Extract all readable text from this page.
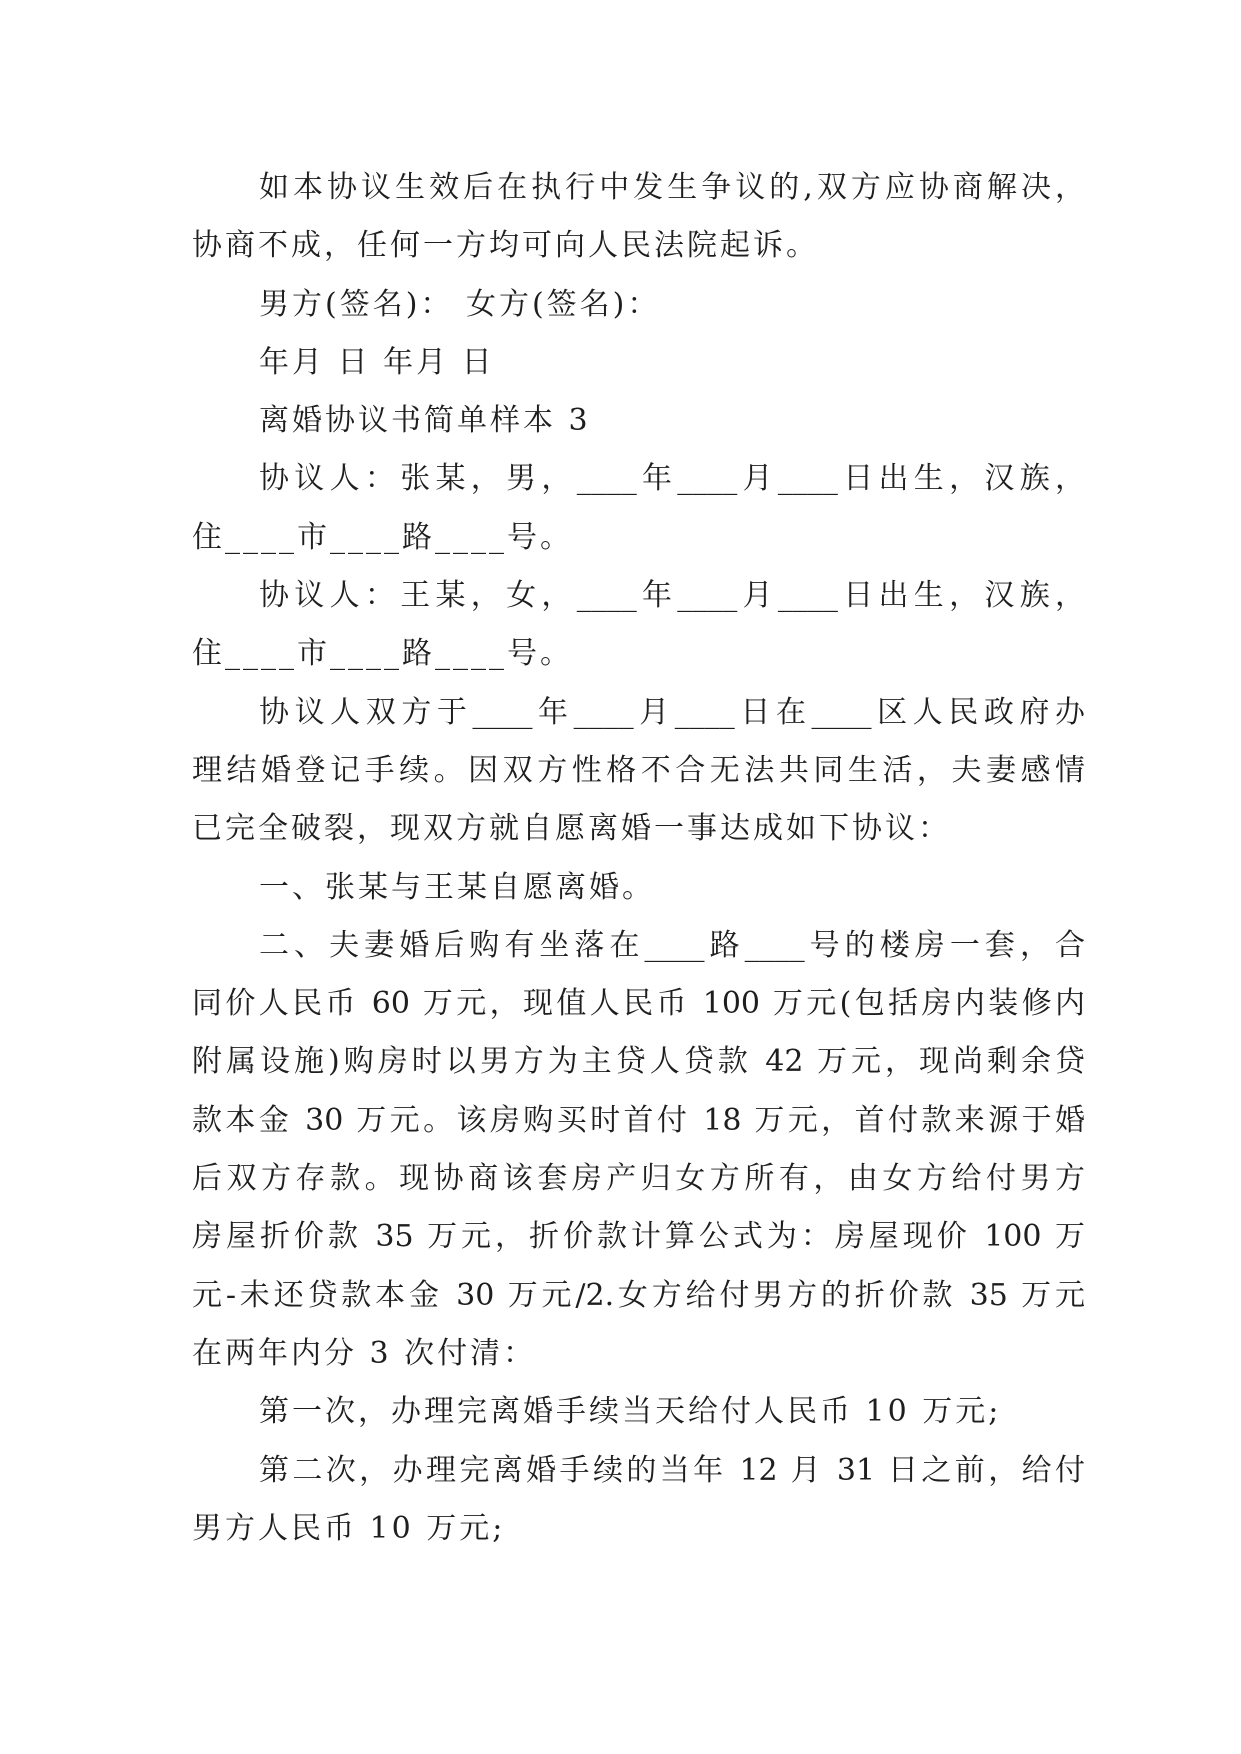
如本协议生效后在执行中发生争议的,双方应协商解决，
协商不成，任何一方均可向人民法院起诉。
男方(签名)： 女方(签名)：
年月 日 年月 日
离婚协议书简单样本 3
协议人：张某，男，____年____月____日出生，汉族，
住____市____路____号。
协议人：王某，女，____年____月____日出生，汉族，
住____市____路____号。
协议人双方于____年____月____日在____区人民政府办
理结婚登记手续。因双方性格不合无法共同生活，夫妻感情
已完全破裂，现双方就自愿离婚一事达成如下协议：
一、张某与王某自愿离婚。
二、夫妻婚后购有坐落在____路____号的楼房一套，合
同价人民币 60 万元，现值人民币 100 万元(包括房内装修内
附属设施)购房时以男方为主贷人贷款 42 万元，现尚剩余贷
款本金 30 万元。该房购买时首付 18 万元，首付款来源于婚
后双方存款。现协商该套房产归女方所有，由女方给付男方
房屋折价款 35 万元，折价款计算公式为：房屋现价 100 万
元-未还贷款本金 30 万元/2.女方给付男方的折价款 35 万元
在两年内分 3 次付清：
第一次，办理完离婚手续当天给付人民币 10 万元;
第二次，办理完离婚手续的当年 12 月 31 日之前，给付
男方人民币 10 万元;
